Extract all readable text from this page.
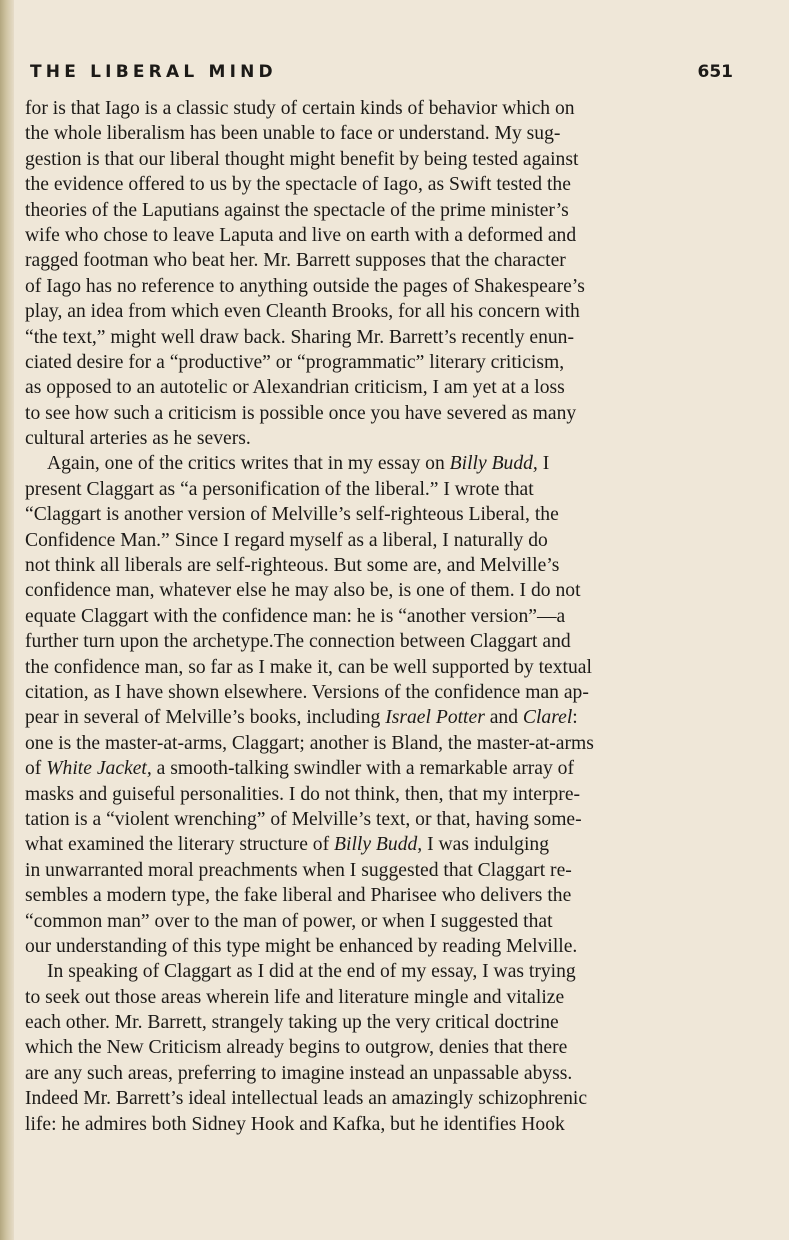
THE LIBERAL MIND	651
for is that Iago is a classic study of certain kinds of behavior which on
the whole liberalism has been unable to face or understand. My sug-
gestion is that our liberal thought might benefit by being tested against
the evidence offered to us by the spectacle of Iago, as Swift tested the
theories of the Laputians against the spectacle of the prime minister’s
wife who chose to leave Laputa and live on earth with a deformed and
ragged footman who beat her. Mr. Barrett supposes that the character
of Iago has no reference to anything outside the pages of Shakespeare’s
play, an idea from which even Cleanth Brooks, for all his concern with
“the text,” might well draw back. Sharing Mr. Barrett’s recently enun-
ciated desire for a “productive” or “programmatic” literary criticism,
as opposed to an autotelic or Alexandrian criticism, I am yet at a loss
to see how such a criticism is possible once you have severed as many
cultural arteries as he severs.
Again, one of the critics writes that in my essay on Billy Budd, I
present Claggart as “a personification of the liberal.” I wrote that
“Claggart is another version of Melville’s self-righteous Liberal, the
Confidence Man.” Since I regard myself as a liberal, I naturally do
not think all liberals are self-righteous. But some are, and Melville’s
confidence man, whatever else he may also be, is one of them. I do not
equate Claggart with the confidence man: he is “another version”—a
further turn upon the archetype.The connection between Claggart and
the confidence man, so far as I make it, can be well supported by textual
citation, as I have shown elsewhere. Versions of the confidence man ap-
pear in several of Melville’s books, including Israel Potter and Clarel:
one is the master-at-arms, Claggart; another is Bland, the master-at-arms
of White Jacket, a smooth-talking swindler with a remarkable array of
masks and guiseful personalities. I do not think, then, that my interpre-
tation is a “violent wrenching” of Melville’s text, or that, having some-
what examined the literary structure of Billy Budd, I was indulging
in unwarranted moral preachments when I suggested that Claggart re-
sembles a modern type, the fake liberal and Pharisee who delivers the
“common man” over to the man of power, or when I suggested that
our understanding of this type might be enhanced by reading Melville.
In speaking of Claggart as I did at the end of my essay, I was trying
to seek out those areas wherein life and literature mingle and vitalize
each other. Mr. Barrett, strangely taking up the very critical doctrine
which the New Criticism already begins to outgrow, denies that there
are any such areas, preferring to imagine instead an unpassable abyss.
Indeed Mr. Barrett’s ideal intellectual leads an amazingly schizophrenic
life: he admires both Sidney Hook and Kafka, but he identifies Hook
